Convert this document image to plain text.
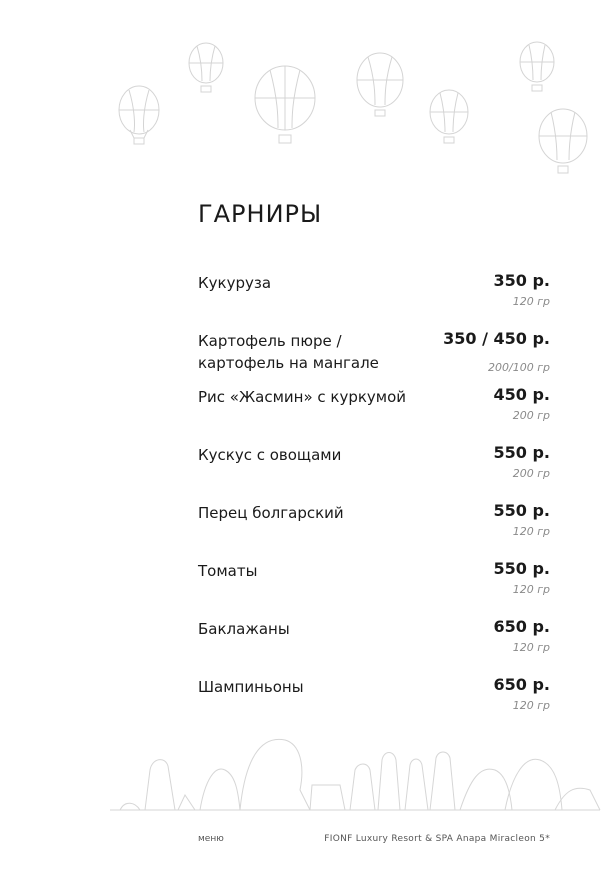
ГАРНИРЫ
Кукуруза	350 р.
120 гр
Картофель пюре /
картофель на мангале
350 / 450 р.
200/100 гр
Рис «Жасмин» с куркумой	450 р.
200 гр
Кускус с овощами	550 р.
200 гр
Перец болгарский	550 р.
120 гр
Томаты	550 р.
120 гр
Баклажаны	650 р.
120 гр
Шампиньоны	650 р.
120 гр
меню	FIONF Luxury Resort & SPA Anapa Miracleon 5*
